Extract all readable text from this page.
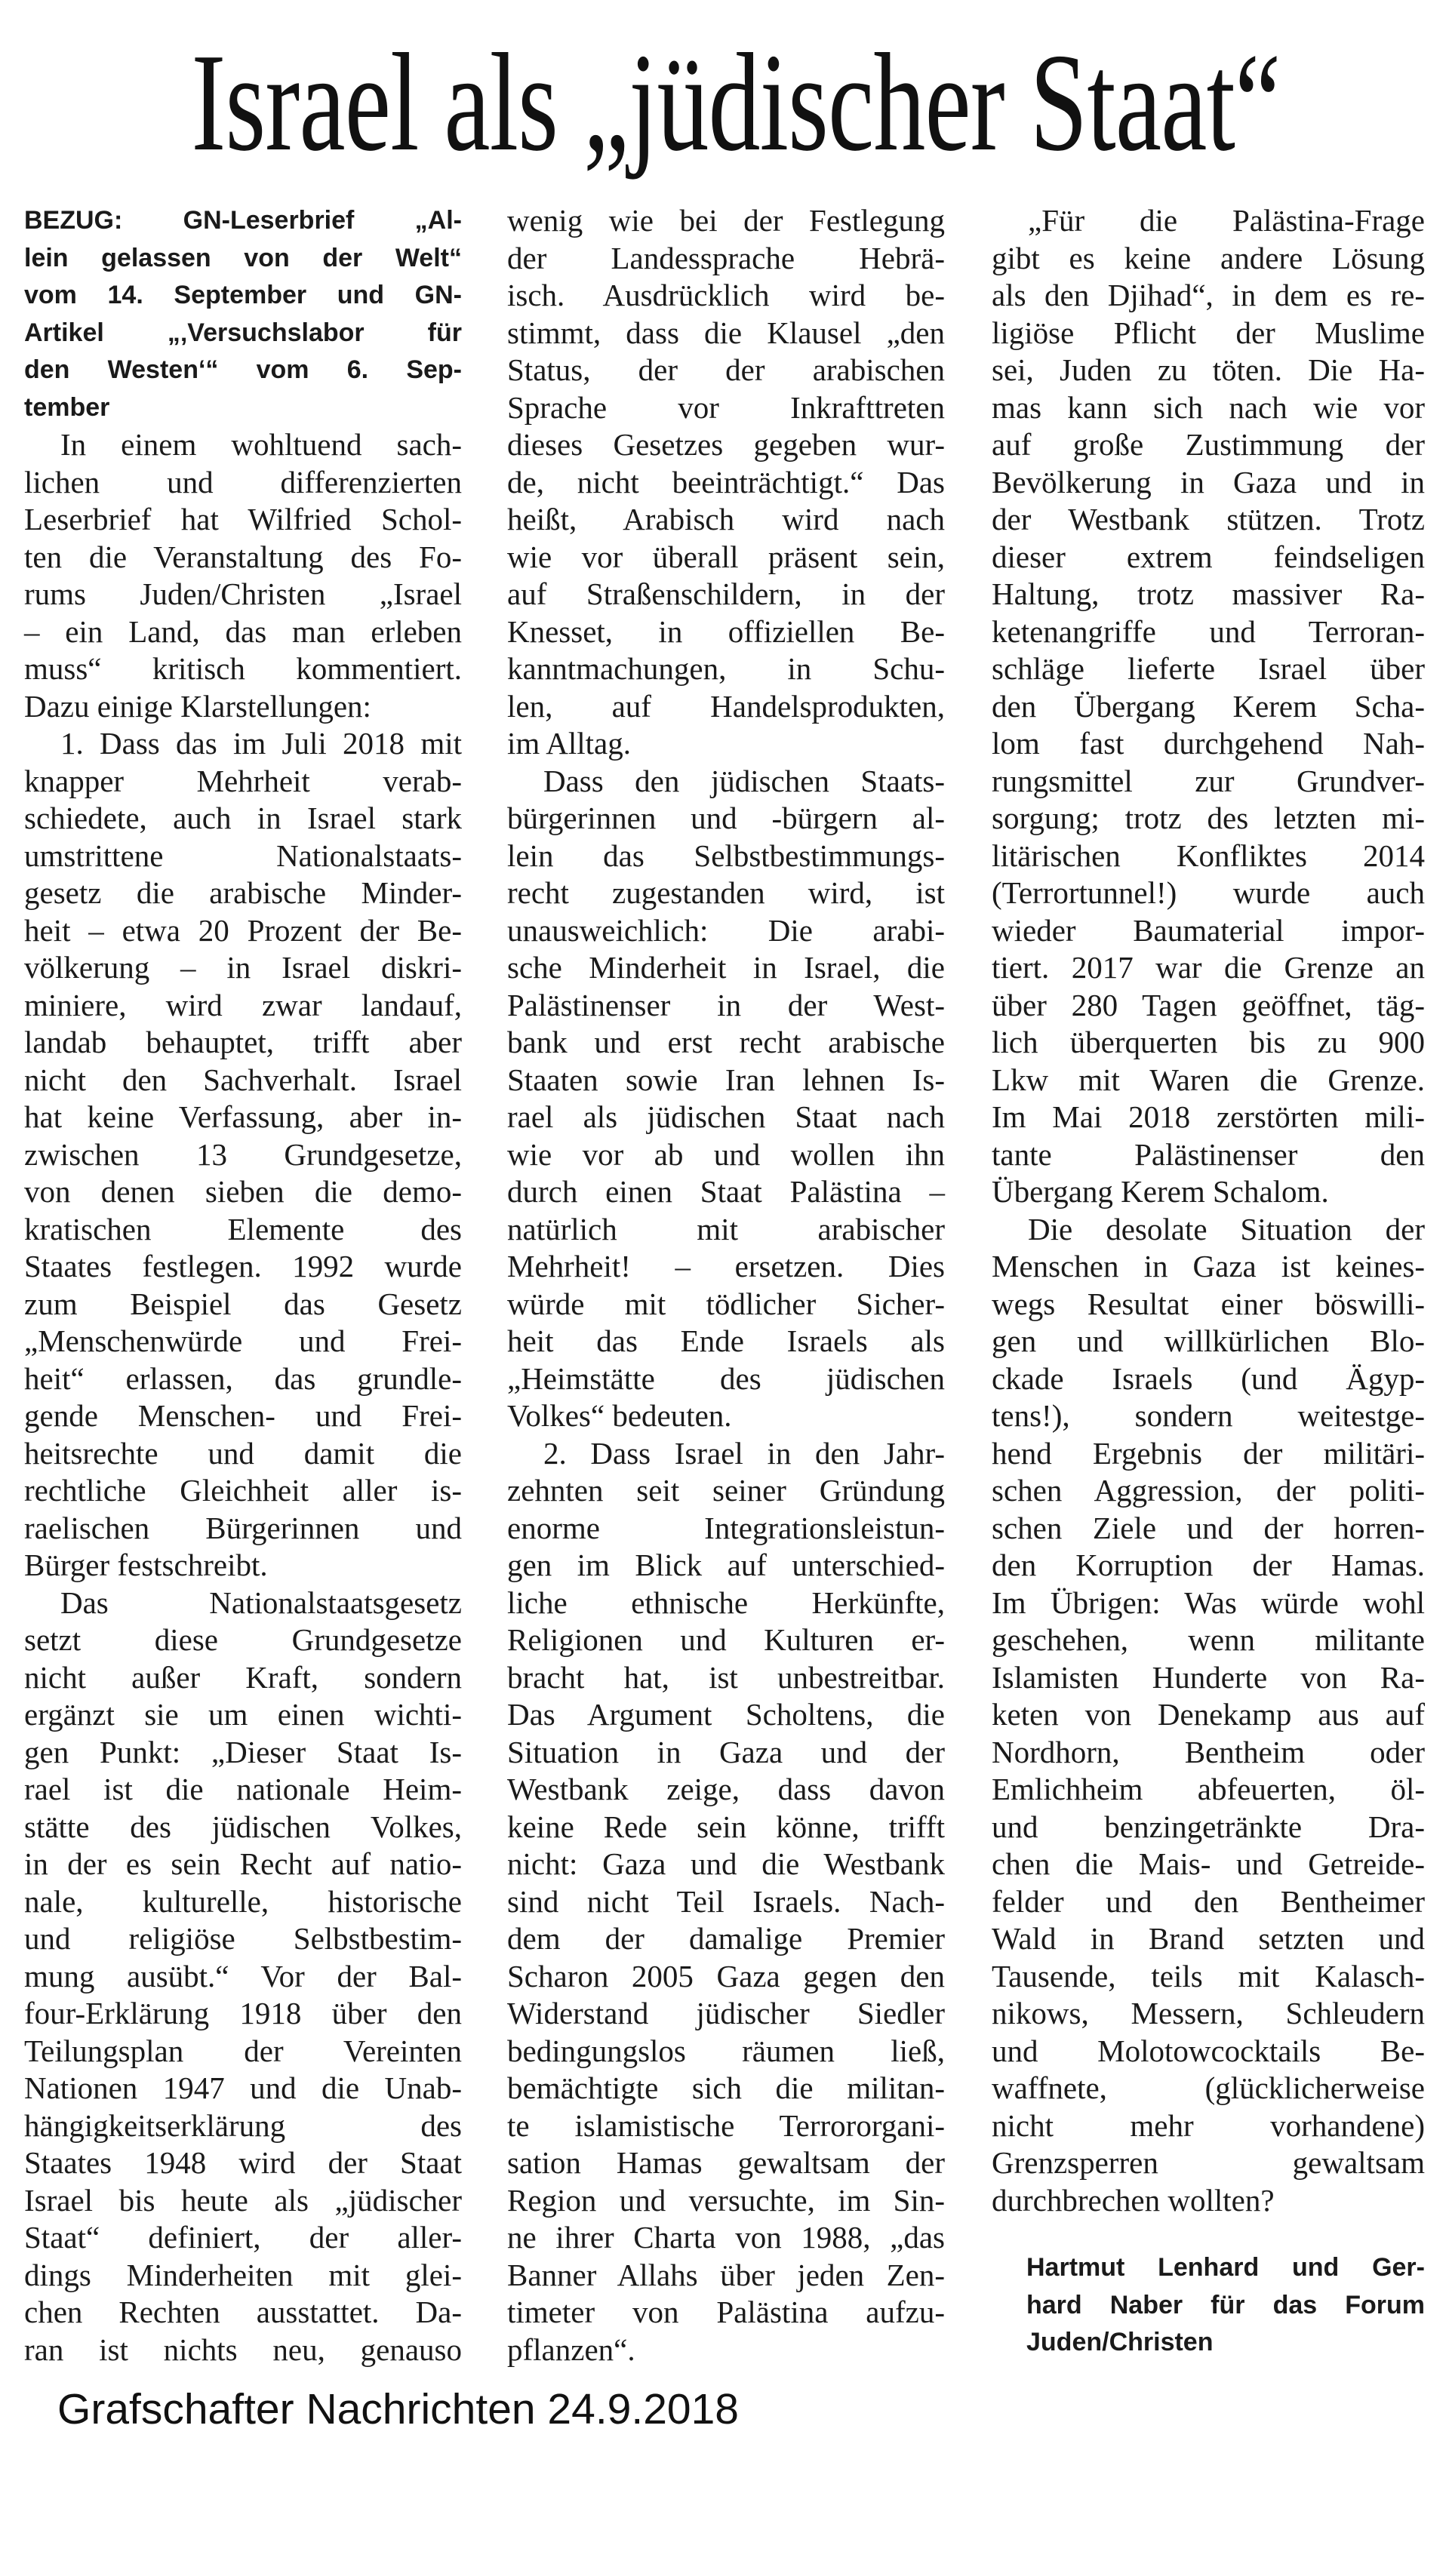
Israel als „jüdischer Staat“
BEZUG: GN-Leserbrief „Al-
lein gelassen von der Welt“
vom 14. September und GN-
Artikel „‚Versuchslabor für
den Westen‘“ vom 6. Sep-
tember
In einem wohltuend sach-
lichen und differenzierten
Leserbrief hat Wilfried Schol-
ten die Veranstaltung des Fo-
rums Juden/Christen „Israel
– ein Land, das man erleben
muss“ kritisch kommentiert.
Dazu einige Klarstellungen:
1. Dass das im Juli 2018 mit
knapper Mehrheit verab-
schiedete, auch in Israel stark
umstrittene Nationalstaats-
gesetz die arabische Minder-
heit – etwa 20 Prozent der Be-
völkerung – in Israel diskri-
miniere, wird zwar landauf,
landab behauptet, trifft aber
nicht den Sachverhalt. Israel
hat keine Verfassung, aber in-
zwischen 13 Grundgesetze,
von denen sieben die demo-
kratischen Elemente des
Staates festlegen. 1992 wurde
zum Beispiel das Gesetz
„Menschenwürde und Frei-
heit“ erlassen, das grundle-
gende Menschen- und Frei-
heitsrechte und damit die
rechtliche Gleichheit aller is-
raelischen Bürgerinnen und
Bürger festschreibt.
Das Nationalstaatsgesetz
setzt diese Grundgesetze
nicht außer Kraft, sondern
ergänzt sie um einen wichti-
gen Punkt: „Dieser Staat Is-
rael ist die nationale Heim-
stätte des jüdischen Volkes,
in der es sein Recht auf natio-
nale, kulturelle, historische
und religiöse Selbstbestim-
mung ausübt.“ Vor der Bal-
four-Erklärung 1918 über den
Teilungsplan der Vereinten
Nationen 1947 und die Unab-
hängigkeitserklärung des
Staates 1948 wird der Staat
Israel bis heute als „jüdischer
Staat“ definiert, der aller-
dings Minderheiten mit glei-
chen Rechten ausstattet. Da-
ran ist nichts neu, genauso
wenig wie bei der Festlegung
der Landessprache Hebrä-
isch. Ausdrücklich wird be-
stimmt, dass die Klausel „den
Status, der der arabischen
Sprache vor Inkrafttreten
dieses Gesetzes gegeben wur-
de, nicht beeinträchtigt.“ Das
heißt, Arabisch wird nach
wie vor überall präsent sein,
auf Straßenschildern, in der
Knesset, in offiziellen Be-
kanntmachungen, in Schu-
len, auf Handelsprodukten,
im Alltag.
Dass den jüdischen Staats-
bürgerinnen und -bürgern al-
lein das Selbstbestimmungs-
recht zugestanden wird, ist
unausweichlich: Die arabi-
sche Minderheit in Israel, die
Palästinenser in der West-
bank und erst recht arabische
Staaten sowie Iran lehnen Is-
rael als jüdischen Staat nach
wie vor ab und wollen ihn
durch einen Staat Palästina –
natürlich mit arabischer
Mehrheit! – ersetzen. Dies
würde mit tödlicher Sicher-
heit das Ende Israels als
„Heimstätte des jüdischen
Volkes“ bedeuten.
2. Dass Israel in den Jahr-
zehnten seit seiner Gründung
enorme Integrationsleistun-
gen im Blick auf unterschied-
liche ethnische Herkünfte,
Religionen und Kulturen er-
bracht hat, ist unbestreitbar.
Das Argument Scholtens, die
Situation in Gaza und der
Westbank zeige, dass davon
keine Rede sein könne, trifft
nicht: Gaza und die Westbank
sind nicht Teil Israels. Nach-
dem der damalige Premier
Scharon 2005 Gaza gegen den
Widerstand jüdischer Siedler
bedingungslos räumen ließ,
bemächtigte sich die militan-
te islamistische Terrororgani-
sation Hamas gewaltsam der
Region und versuchte, im Sin-
ne ihrer Charta von 1988, „das
Banner Allahs über jeden Zen-
timeter von Palästina aufzu-
pflanzen“.
„Für die Palästina-Frage
gibt es keine andere Lösung
als den Djihad“, in dem es re-
ligiöse Pflicht der Muslime
sei, Juden zu töten. Die Ha-
mas kann sich nach wie vor
auf große Zustimmung der
Bevölkerung in Gaza und in
der Westbank stützen. Trotz
dieser extrem feindseligen
Haltung, trotz massiver Ra-
ketenangriffe und Terroran-
schläge lieferte Israel über
den Übergang Kerem Scha-
lom fast durchgehend Nah-
rungsmittel zur Grundver-
sorgung; trotz des letzten mi-
litärischen Konfliktes 2014
(Terrortunnel!) wurde auch
wieder Baumaterial impor-
tiert. 2017 war die Grenze an
über 280 Tagen geöffnet, täg-
lich überquerten bis zu 900
Lkw mit Waren die Grenze.
Im Mai 2018 zerstörten mili-
tante Palästinenser den
Übergang Kerem Schalom.
Die desolate Situation der
Menschen in Gaza ist keines-
wegs Resultat einer böswilli-
gen und willkürlichen Blo-
ckade Israels (und Ägyp-
tens!), sondern weitestge-
hend Ergebnis der militäri-
schen Aggression, der politi-
schen Ziele und der horren-
den Korruption der Hamas.
Im Übrigen: Was würde wohl
geschehen, wenn militante
Islamisten Hunderte von Ra-
keten von Denekamp aus auf
Nordhorn, Bentheim oder
Emlichheim abfeuerten, öl-
und benzingetränkte Dra-
chen die Mais- und Getreide-
felder und den Bentheimer
Wald in Brand setzten und
Tausende, teils mit Kalasch-
nikows, Messern, Schleudern
und Molotowcocktails Be-
waffnete, (glücklicherweise
nicht mehr vorhandene)
Grenzsperren gewaltsam
durchbrechen wollten?
Hartmut Lenhard und Ger-
hard Naber für das Forum
Juden/Christen
Grafschafter Nachrichten 24.9.2018
